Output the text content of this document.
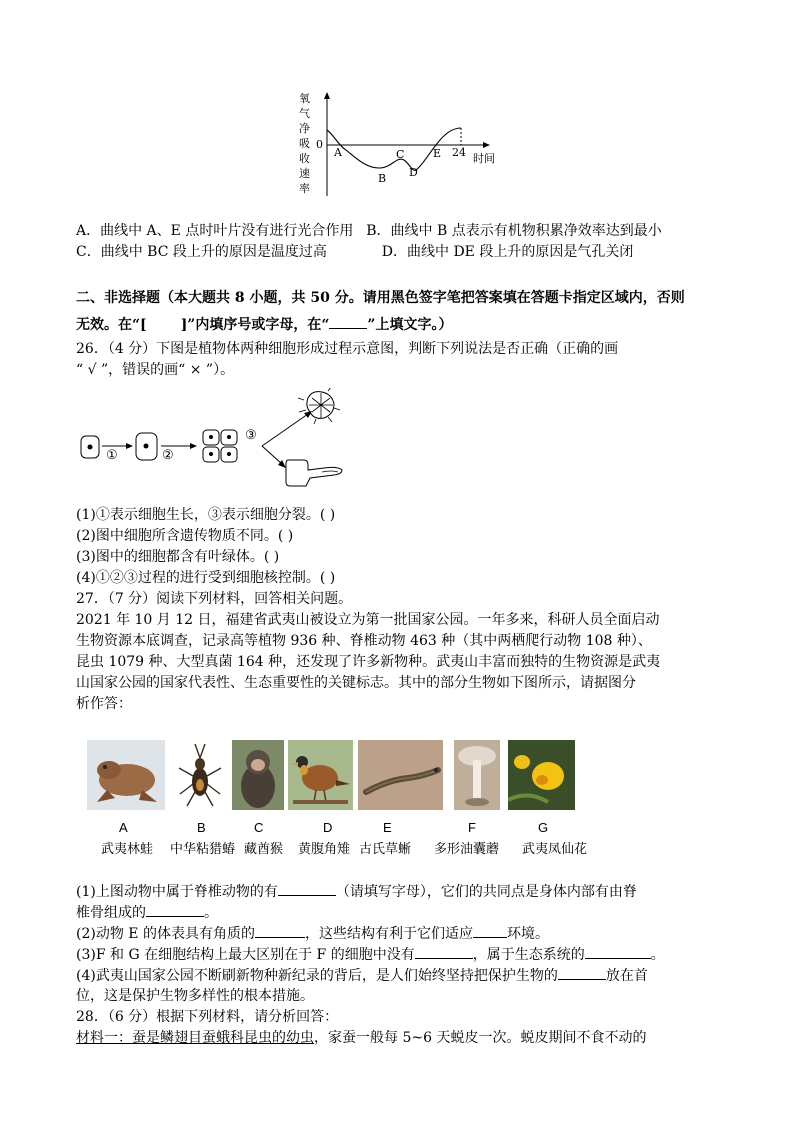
氧
气
净
吸
收
速
率
0
A
B
C
D
E 24 时间
A．曲线中 A、E 点时叶片没有进行光合作用 B．曲线中 B 点表示有机物积累净效率达到最小
C．曲线中 BC 段上升的原因是温度过高	D．曲线中 DE 段上升的原因是气孔关闭
二、非选择题（本大题共 8 小题，共 50 分。请用黑色签字笔把答案填在答题卡指定区域内，否则
无效。在“[ ]”内填序号或字母，在“	”上填文字。）
26．（4 分）下图是植物体两种细胞形成过程示意图，判断下列说法是否正确（正确的画
“ √ ”，错误的画“ × ”）。
①	②
③
(1)①表示细胞生长，③表示细胞分裂。( )
(2)图中细胞所含遗传物质不同。( )
(3)图中的细胞都含有叶绿体。( )
(4)①②③过程的进行受到细胞核控制。( )
27．（7 分）阅读下列材料，回答相关问题。
2021 年 10 月 12 日，福建省武夷山被设立为第一批国家公园。一年多来，科研人员全面启动
生物资源本底调查，记录高等植物 936 种、脊椎动物 463 种（其中两栖爬行动物 108 种）、
昆虫 1079 种、大型真菌 164 种，还发现了许多新物种。武夷山丰富而独特的生物资源是武夷
山国家公园的国家代表性、生态重要性的关键标志。其中的部分生物如下图所示，请据图分
析作答：
A	B	C	D	E	F	G
武夷林蛙 中华粘猎蝽 藏酋猴 黄腹角雉 古氏草蜥 多形油囊蘑 武夷凤仙花
(1)上图动物中属于脊椎动物的有	（请填写字母），它们的共同点是身体内部有由脊
椎骨组成的	。
(2)动物 E 的体表具有角质的	，这些结构有利于它们适应 环境。
(3)F 和 G 在细胞结构上最大区别在于 F 的细胞中没有	，属于生态系统的	。
(4)武夷山国家公园不断刷新物种新纪录的背后，是人们始终坚持把保护生物的	放在首
位，这是保护生物多样性的根本措施。
28．（6 分）根据下列材料，请分析回答：
材料一：蚕是鳞翅目蚕蛾科昆虫的幼虫，家蚕一般每 5~6 天蜕皮一次。蜕皮期间不食不动的
